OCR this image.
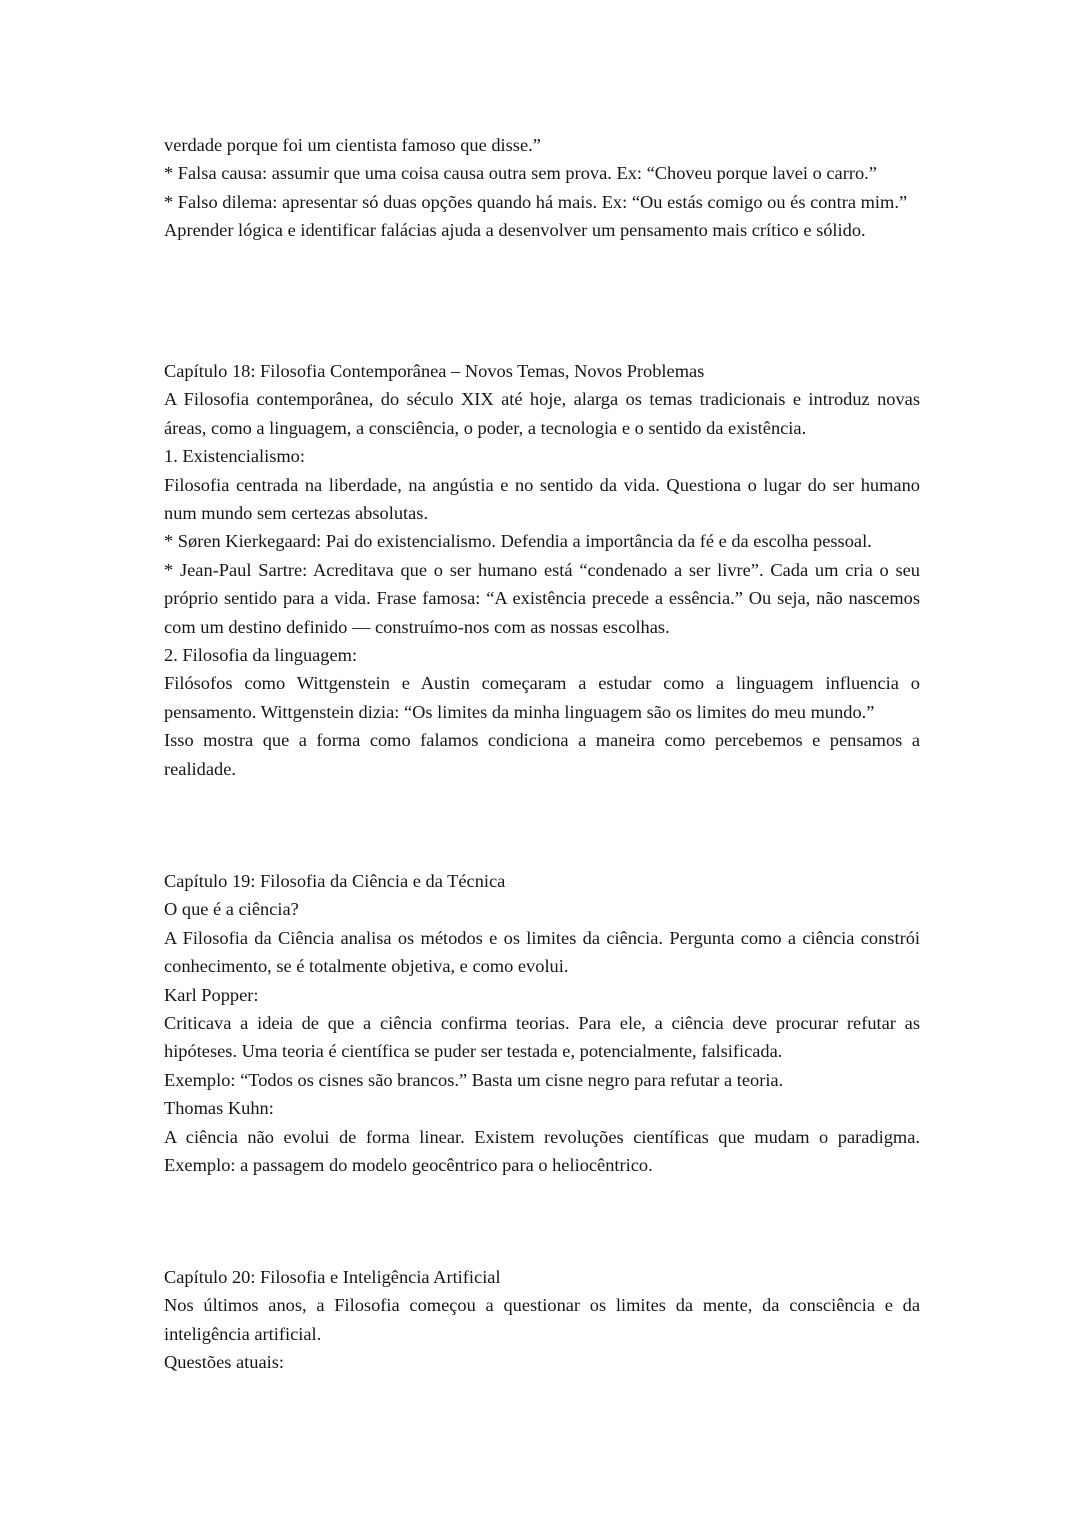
verdade porque foi um cientista famoso que disse.”

* Falsa causa: assumir que uma coisa causa outra sem prova. Ex: “Choveu porque lavei o carro.”

* Falso dilema: apresentar só duas opções quando há mais. Ex: “Ou estás comigo ou és contra mim.”

Aprender lógica e identificar falácias ajuda a desenvolver um pensamento mais crítico e sólido.

Capítulo 18: Filosofia Contemporânea – Novos Temas, Novos Problemas

A Filosofia contemporânea, do século XIX até hoje, alarga os temas tradicionais e introduz novas áreas, como a linguagem, a consciência, o poder, a tecnologia e o sentido da existência.

1. Existencialismo:

Filosofia centrada na liberdade, na angústia e no sentido da vida. Questiona o lugar do ser humano num mundo sem certezas absolutas.

* Søren Kierkegaard: Pai do existencialismo. Defendia a importância da fé e da escolha pessoal.

* Jean-Paul Sartre: Acreditava que o ser humano está “condenado a ser livre”. Cada um cria o seu próprio sentido para a vida. Frase famosa: “A existência precede a essência.” Ou seja, não nascemos com um destino definido — construímo-nos com as nossas escolhas.

2. Filosofia da linguagem:

Filósofos como Wittgenstein e Austin começaram a estudar como a linguagem influencia o pensamento. Wittgenstein dizia: “Os limites da minha linguagem são os limites do meu mundo.”

Isso mostra que a forma como falamos condiciona a maneira como percebemos e pensamos a realidade.

Capítulo 19: Filosofia da Ciência e da Técnica

O que é a ciência?

A Filosofia da Ciência analisa os métodos e os limites da ciência. Pergunta como a ciência constrói conhecimento, se é totalmente objetiva, e como evolui.

Karl Popper:

Criticava a ideia de que a ciência confirma teorias. Para ele, a ciência deve procurar refutar as hipóteses. Uma teoria é científica se puder ser testada e, potencialmente, falsificada.

Exemplo: “Todos os cisnes são brancos.” Basta um cisne negro para refutar a teoria.

Thomas Kuhn:

A ciência não evolui de forma linear. Existem revoluções científicas que mudam o paradigma. Exemplo: a passagem do modelo geocêntrico para o heliocêntrico.

Capítulo 20: Filosofia e Inteligência Artificial

Nos últimos anos, a Filosofia começou a questionar os limites da mente, da consciência e da inteligência artificial.

Questões atuais:
